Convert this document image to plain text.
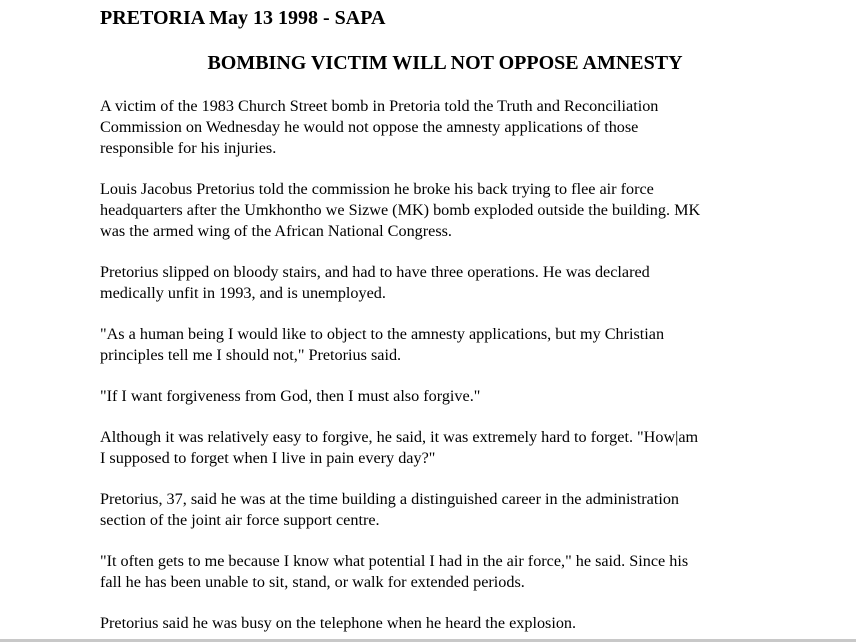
PRETORIA May 13 1998 - SAPA
BOMBING VICTIM WILL NOT OPPOSE AMNESTY

A victim of the 1983 Church Street bomb in Pretoria told the Truth and Reconciliation
Commission on Wednesday he would not oppose the amnesty applications of those
responsible for his injuries.

Louis Jacobus Pretorius told the commission he broke his back trying to flee air force
headquarters after the Umkhontho we Sizwe (MK) bomb exploded outside the building. MK
was the armed wing of the African National Congress.

Pretorius slipped on bloody stairs, and had to have three operations. He was declared
medically unfit in 1993, and is unemployed.

"As a human being I would like to object to the amnesty applications, but my Christian
principles tell me I should not," Pretorius said.

"If I want forgiveness from God, then I must also forgive."

Although it was relatively easy to forgive, he said, it was extremely hard to forget. "How|am
I supposed to forget when I live in pain every day?"

Pretorius, 37, said he was at the time building a distinguished career in the administration
section of the joint air force support centre.

"It often gets to me because I know what potential I had in the air force," he said. Since his
fall he has been unable to sit, stand, or walk for extended periods.

Pretorius said he was busy on the telephone when he heard the explosion.
